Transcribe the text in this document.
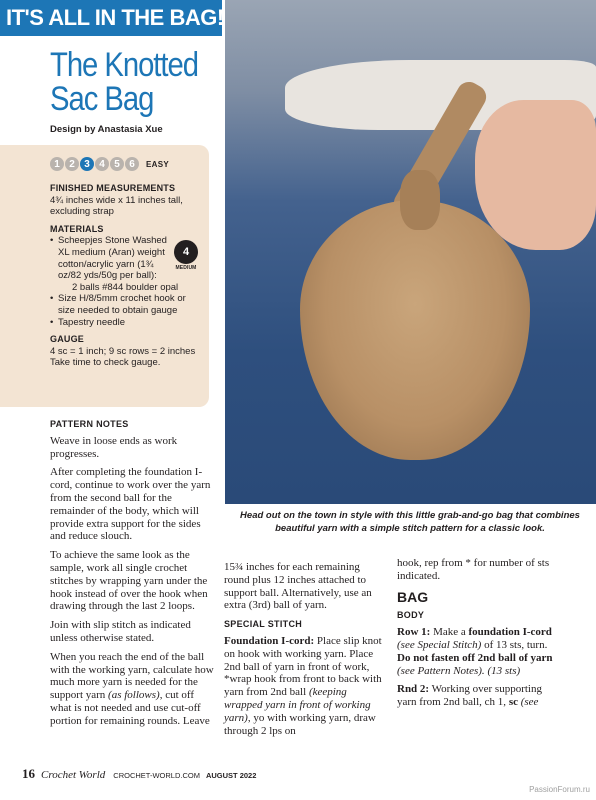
IT'S ALL IN THE BAG!
The Knotted
Sac Bag
Design by Anastasia Xue
1 2 3 4 5 6	EASY
FINISHED MEASUREMENTS
4¾ inches wide x 11 inches tall, excluding strap
MATERIALS
• Scheepjes Stone Washed XL medium (Aran) weight cotton/acrylic yarn (1¾ oz/82 yds/50g per ball):
2 balls #844 boulder opal
• Size H/8/5mm crochet hook or size needed to obtain gauge
• Tapestry needle
GAUGE
4 sc = 1 inch; 9 sc rows = 2 inches
Take time to check gauge.
4
MEDIUM
Head out on the town in style with this little grab-and-go bag that combines beautiful yarn with a simple stitch pattern for a classic look.
PATTERN NOTES

Weave in loose ends as work progresses.

After completing the foundation I-cord, continue to work over the yarn from the second ball for the remainder of the body, which will provide extra support for the sides and reduce slouch.

To achieve the same look as the sample, work all single crochet stitches by wrapping yarn under the hook instead of over the hook when drawing through the last 2 loops.

Join with slip stitch as indicated unless otherwise stated.

When you reach the end of the ball with the working yarn, calculate how much more yarn is needed for the support yarn (as follows), cut off what is not needed and use cut-off portion for remaining rounds. Leave

15¾ inches for each remaining round plus 12 inches attached to support ball. Alternatively, use an extra (3rd) ball of yarn.

SPECIAL STITCH

Foundation I-cord: Place slip knot on hook with working yarn. Place 2nd ball of yarn in front of work, *wrap hook from front to back with yarn from 2nd ball (keeping wrapped yarn in front of working yarn), yo with working yarn, draw through 2 lps on

hook, rep from * for number of sts indicated.

BAG
BODY

Row 1: Make a foundation I-cord (see Special Stitch) of 13 sts, turn. Do not fasten off 2nd ball of yarn (see Pattern Notes). (13 sts)

Rnd 2: Working over supporting yarn from 2nd ball, ch 1, sc (see

16 Crochet World CROCHET-WORLD.COM AUGUST 2022
PassionForum.ru
